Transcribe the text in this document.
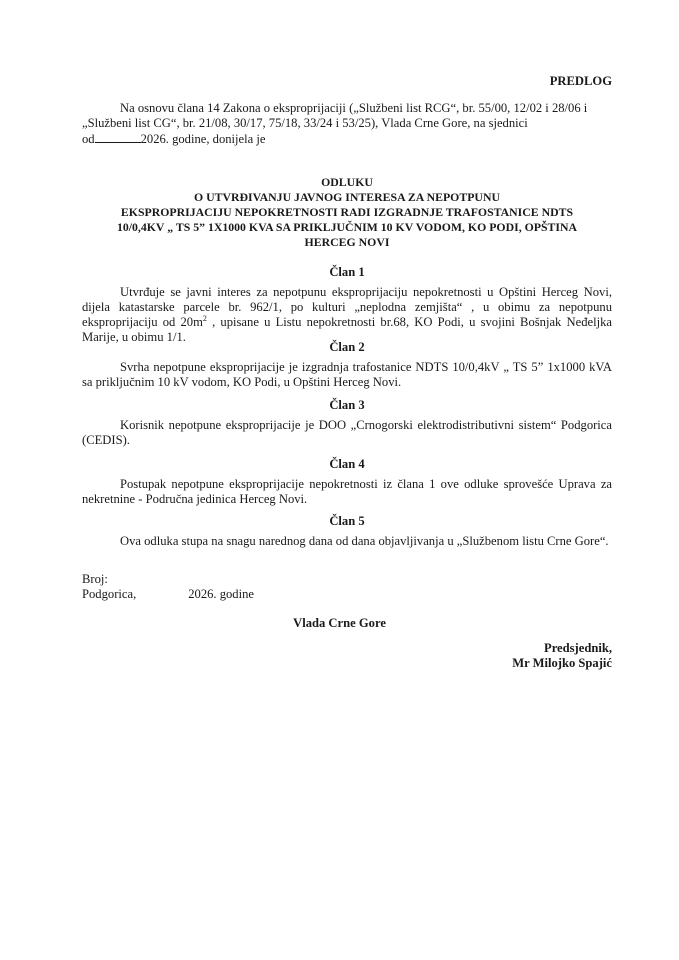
PREDLOG

Na osnovu člana 14 Zakona o eksproprijaciji („Službeni list RCG“, br. 55/00, 12/02 i 28/06 i

„Službeni list CG“, br. 21/08, 30/17, 75/18, 33/24 i 53/25), Vlada Crne Gore, na sjednici

od	2026. godine, donijela je

ODLUKU
O UTVRĐIVANJU JAVNOG INTERESA ZA NEPOTPUNU
EKSPROPRIJACIJU NEPOKRETNOSTI RADI IZGRADNJE TRAFOSTANICE NDTS
10/0,4KV „ TS 5” 1X1000 KVA SA PRIKLJUČNIM 10 KV VODOM, KO PODI, OPŠTINA
HERCEG NOVI
Član 1
Utvrđuje se javni interes za nepotpunu eksproprijaciju nepokretnosti u Opštini Herceg Novi, dijela katastarske parcele br. 962/1, po kulturi „neplodna zemjišta“ , u obimu za nepotpunu eksproprijaciju od $20m^2$ , upisane u Listu nepokretnosti br.68, KO Podi, u svojini Bošnjak Neđeljka Marije, u obimu 1/1.
Član 2
Svrha nepotpune eksproprijacije je izgradnja trafostanice NDTS 10/0,4kV „ TS 5” 1x1000 kVA sa priključnim 10 kV vodom, KO Podi, u Opštini Herceg Novi.
Član 3
Korisnik nepotpune eksproprijacije je DOO „Crnogorski elektrodistributivni sistem“ Podgorica (CEDIS).
Član 4
Postupak nepotpune eksproprijacije nepokretnosti iz člana 1 ove odluke sprovešće Uprava za nekretnine - Područna jedinica Herceg Novi.
Član 5
Ova odluka stupa na snagu narednog dana od dana objavljivanja u „Službenom listu Crne Gore“.
Broj:
Podgorica,	2026. godine
Vlada Crne Gore
Predsjednik,
Mr Milojko Spajić
